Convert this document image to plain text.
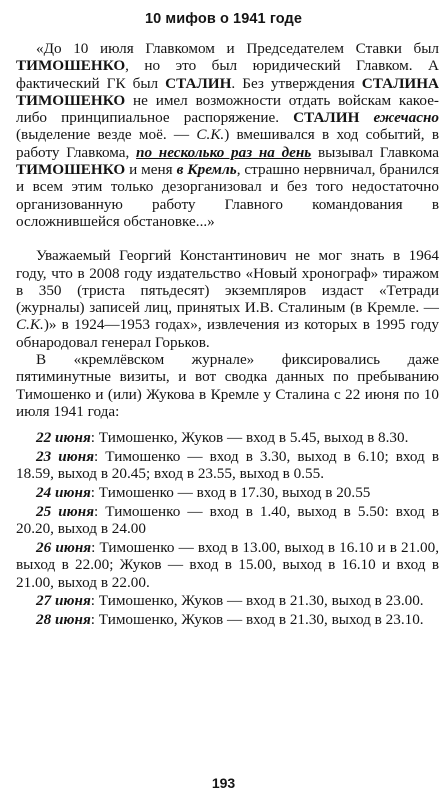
10 мифов о 1941 годе

«До 10 июля Главкомом и Председателем Ставки был ТИМОШЕНКО, но это был юридический Главком. А фактический ГК был СТАЛИН. Без утверждения СТАЛИНА ТИМОШЕНКО не имел возможности отдать войскам какое-либо принципиальное распоряжение. СТАЛИН ежечасно (выделение везде моё. — С.К.) вмешивался в ход событий, в работу Главкома, по несколько раз на день вызывал Главкома ТИМОШЕНКО и меня в Кремль, страшно нервничал, бранился и всем этим только дезорганизовал и без того недостаточно организованную работу Главного командования в осложнившейся обстановке...»

Уважаемый Георгий Константинович не мог знать в 1964 году, что в 2008 году издательство «Новый хронограф» тиражом в 350 (триста пятьдесят) экземпляров издаст «Тетради (журналы) записей лиц, принятых И.В. Сталиным (в Кремле. — С.К.)» в 1924—1953 годах», извлечения из которых в 1995 году обнародовал генерал Горьков.

В «кремлёвском журнале» фиксировались даже пятиминутные визиты, и вот сводка данных по пребыванию Тимошенко и (или) Жукова в Кремле у Сталина с 22 июня по 10 июля 1941 года:

22 июня: Тимошенко, Жуков — вход в 5.45, выход в 8.30.

23 июня: Тимошенко — вход в 3.30, выход в 6.10; вход в 18.59, выход в 20.45; вход в 23.55, выход в 0.55.

24 июня: Тимошенко — вход в 17.30, выход в 20.55

25 июня: Тимошенко — вход в 1.40, выход в 5.50: вход в 20.20, выход в 24.00

26 июня: Тимошенко — вход в 13.00, выход в 16.10 и в 21.00, выход в 22.00; Жуков — вход в 15.00, выход в 16.10 и вход в 21.00, выход в 22.00.

27 июня: Тимошенко, Жуков — вход в 21.30, выход в 23.00.

28 июня: Тимошенко, Жуков — вход в 21.30, выход в 23.10.

193
